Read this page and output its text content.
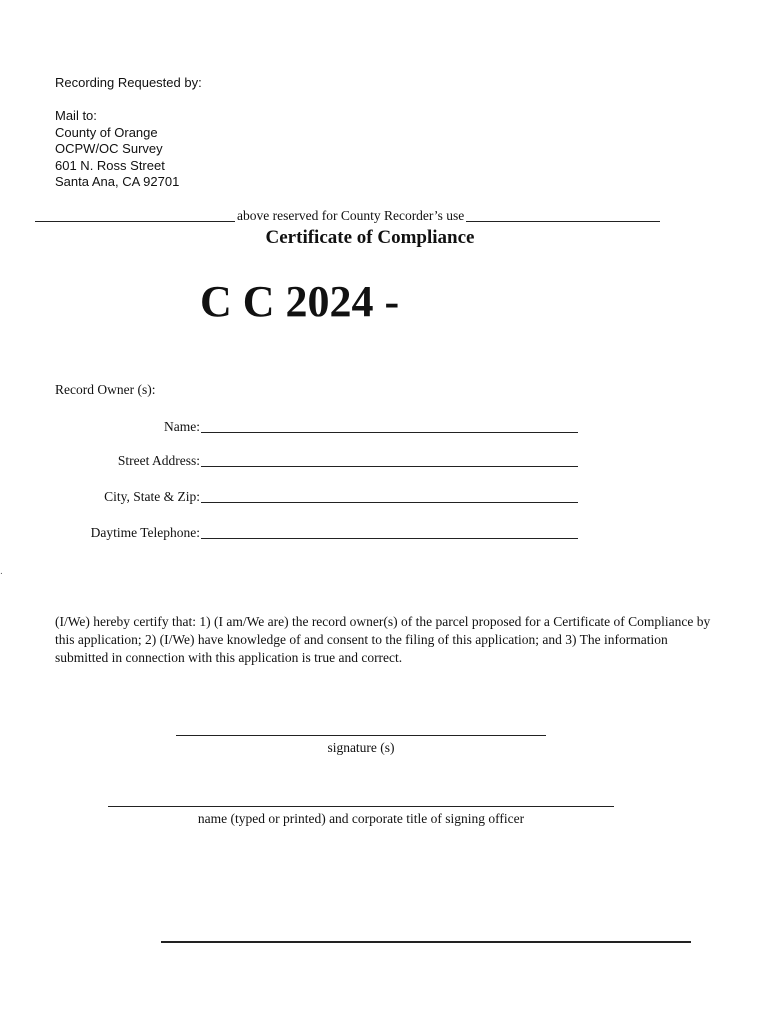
Recording Requested by:
Mail to:
County of Orange
OCPW/OC Survey
601 N. Ross Street
Santa Ana, CA 92701
above reserved for County Recorder’s use
Certificate of Compliance
C C 2024 -
Record Owner (s):
Name:
Street Address:
City, State & Zip:
Daytime Telephone:
.
(I/We) hereby certify that: 1) (I am/We are) the record owner(s) of the parcel proposed for a Certificate of Compliance by this application; 2) (I/We) have knowledge of and consent to the filing of this application; and 3) The information submitted in connection with this application is true and correct.
signature (s)
name (typed or printed) and corporate title of signing officer
